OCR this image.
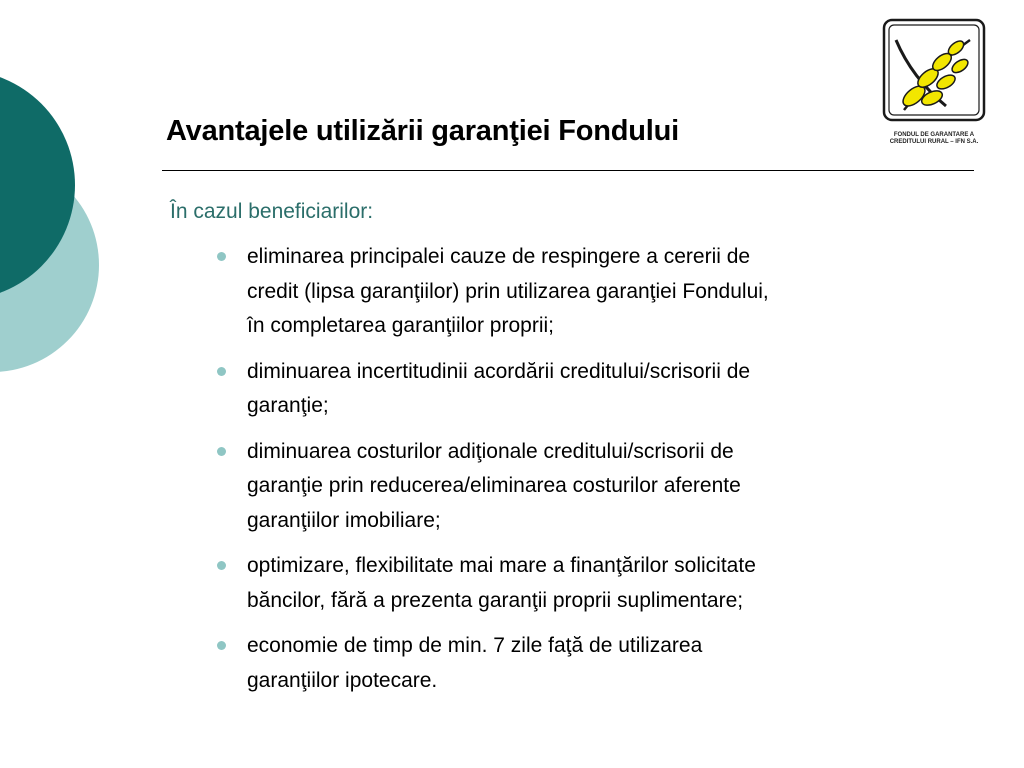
FONDUL DE GARANTARE A
CREDITULUI RURAL – IFN S.A.
Avantajele utilizării garanţiei Fondului
În cazul beneficiarilor:
eliminarea principalei cauze de respingere a cererii de
credit (lipsa garanţiilor) prin utilizarea garanţiei Fondului,
în completarea garanţiilor proprii;
diminuarea incertitudinii acordării creditului/scrisorii de
garanţie;
diminuarea costurilor adiţionale creditului/scrisorii de
garanţie prin reducerea/eliminarea costurilor aferente
garanţiilor imobiliare;
optimizare, flexibilitate mai mare a finanţărilor solicitate
băncilor, fără a prezenta garanţii proprii suplimentare;
economie de timp de min. 7 zile faţă de utilizarea
garanţiilor ipotecare.
